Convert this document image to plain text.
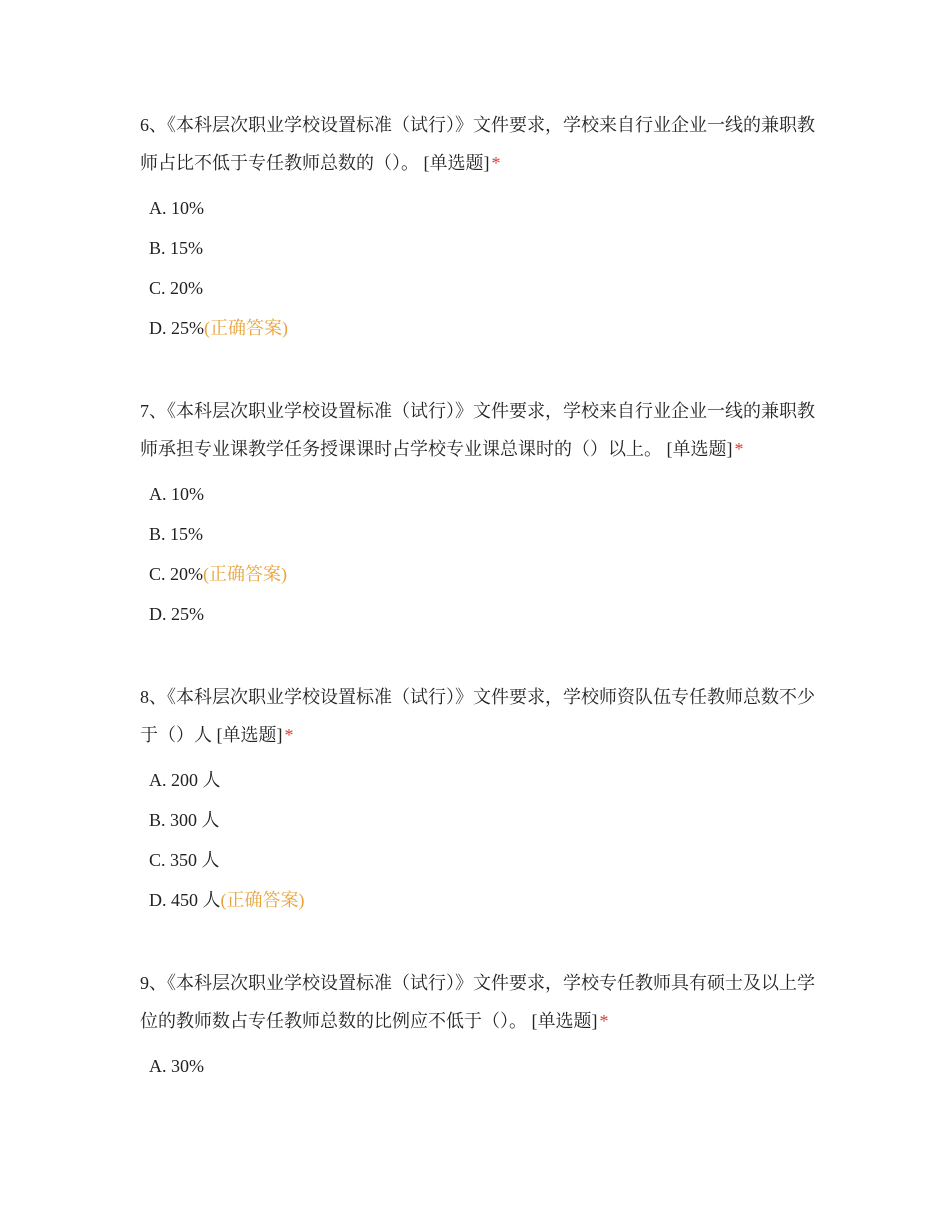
6、《本科层次职业学校设置标准（试行）》文件要求，学校来自行业企业一线的兼职教师占比不低于专任教师总数的（）。 [单选题] *
A. 10%
B. 15%
C. 20%
D. 25%(正确答案)
7、《本科层次职业学校设置标准（试行）》文件要求，学校来自行业企业一线的兼职教师承担专业课教学任务授课课时占学校专业课总课时的（）以上。 [单选题] *
A. 10%
B. 15%
C. 20%(正确答案)
D. 25%
8、《本科层次职业学校设置标准（试行）》文件要求，学校师资队伍专任教师总数不少于（）人 [单选题] *
A. 200 人
B. 300 人
C. 350 人
D. 450 人(正确答案)
9、《本科层次职业学校设置标准（试行）》文件要求，学校专任教师具有硕士及以上学位的教师数占专任教师总数的比例应不低于（）。 [单选题] *
A. 30%
